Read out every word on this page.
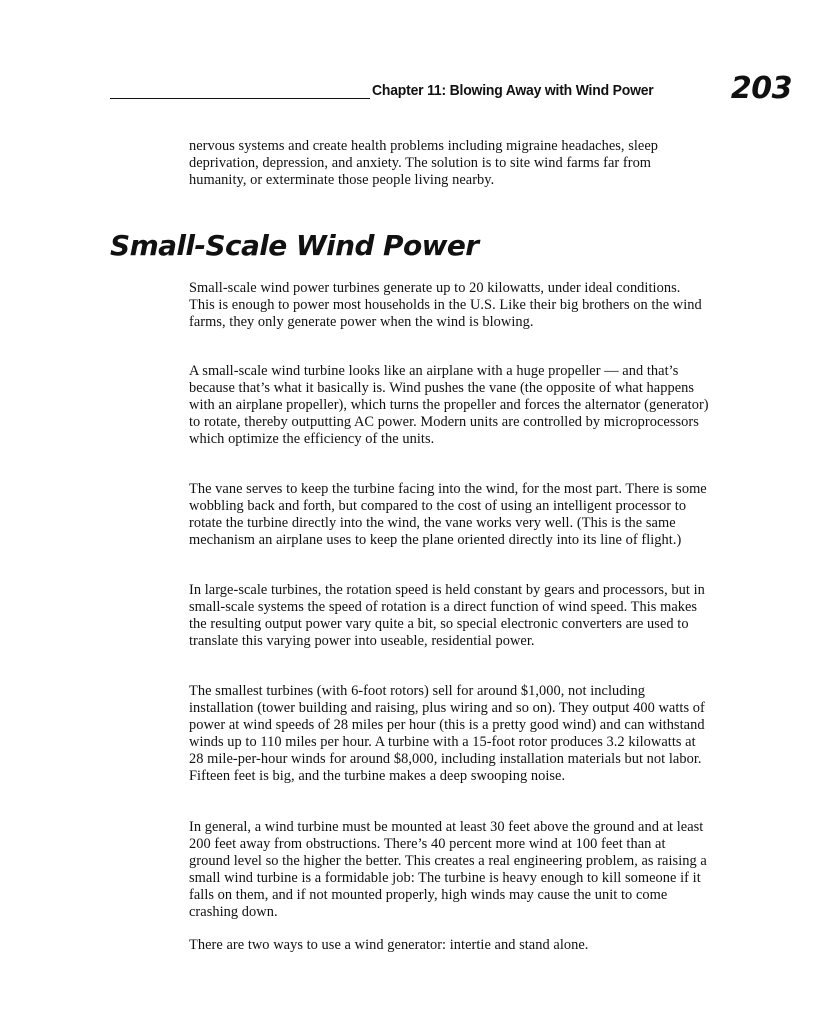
Chapter 11: Blowing Away with Wind Power	203

nervous systems and create health problems including migraine headaches, sleep deprivation, depression, and anxiety. The solution is to site wind farms far from humanity, or exterminate those people living nearby.

Small-Scale Wind Power

Small-scale wind power turbines generate up to 20 kilowatts, under ideal conditions. This is enough to power most households in the U.S. Like their big brothers on the wind farms, they only generate power when the wind is blowing.

A small-scale wind turbine looks like an airplane with a huge propeller — and that’s because that’s what it basically is. Wind pushes the vane (the opposite of what happens with an airplane propeller), which turns the propeller and forces the alternator (generator) to rotate, thereby outputting AC power. Modern units are controlled by microprocessors which optimize the efficiency of the units.

The vane serves to keep the turbine facing into the wind, for the most part. There is some wobbling back and forth, but compared to the cost of using an intelligent processor to rotate the turbine directly into the wind, the vane works very well. (This is the same mechanism an airplane uses to keep the plane oriented directly into its line of flight.)

In large-scale turbines, the rotation speed is held constant by gears and processors, but in small-scale systems the speed of rotation is a direct function of wind speed. This makes the resulting output power vary quite a bit, so special electronic converters are used to translate this varying power into useable, residential power.

The smallest turbines (with 6-foot rotors) sell for around $1,000, not including installation (tower building and raising, plus wiring and so on). They output 400 watts of power at wind speeds of 28 miles per hour (this is a pretty good wind) and can withstand winds up to 110 miles per hour. A turbine with a 15-foot rotor produces 3.2 kilowatts at 28 mile-per-hour winds for around $8,000, including installation materials but not labor. Fifteen feet is big, and the turbine makes a deep swooping noise.

In general, a wind turbine must be mounted at least 30 feet above the ground and at least 200 feet away from obstructions. There’s 40 percent more wind at 100 feet than at ground level so the higher the better. This creates a real engineering problem, as raising a small wind turbine is a formidable job: The turbine is heavy enough to kill someone if it falls on them, and if not mounted properly, high winds may cause the unit to come crashing down.

There are two ways to use a wind generator: intertie and stand alone.
